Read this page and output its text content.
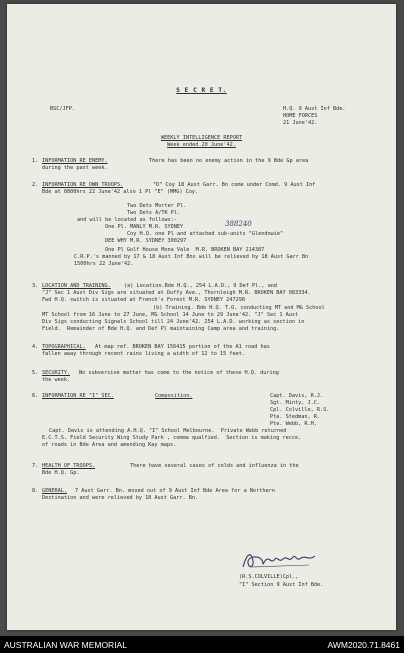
S E C R E T.
BSC/JFP.	H.Q. 9 Aust Inf Bde.
HOME FORCES
21 June'42.
WEEKLY INTELLIGENCE REPORT
Week ended 20 June'42.
1. INFORMATION RE ENEMY.	There has been no enemy action in the 9 Bde Gp area
during the past week.
2. INFORMATION RE OWN TROOPS.	"D" Coy 18 Aust Garr. Bn come under Comd. 9 Aust Inf
Bde at 0800hrs 22 June'42 also 1 Pl "E" (MMG) Coy.
Two Dets Morter Pl.
Two Dets A/TK Pl.
and will be located as follows:-
One Pl. MANLY M.R. SYDNEY	388240
Coy H.Q. one Pl and attached sub-units "Glendowie"
DEE WHY M.R. SYDNEY 300297
One Pl Golf House Mona Vale  M.R. BROKEN BAY 214387
C.R.P.'s manned by 17 & 18 Aust Inf Bns will be relieved by 18 Aust Garr Bn
1500hrs 22 June'42.
3. LOCATION AND TRAINING.	(a) Location.Bde H.Q., 254 L.A.D., 9 Def Pl., and
"J" Sec 1 Aust Div Sigs are situated at Duffy Ave., Thornleigh M.R. BROKEN BAY 083334.
Fwd H.Q. switch is situated at French's Forest M.R. SYDNEY 247298
(b) Training. Bde H.Q. T.O. conducting MT and MG School
MT School from 16 June to 27 June, MG School 14 June to 29 June'42. "J" Sec 1 Aust
Div Sigs conducting Signals School till 24 June'42. 254 L.A.D. working as section in
Field.  Remainder of Bde H.Q. and Def Pl maintaining Camp area and training.
4. TOPOGRAPHICAL. At map ref. BROKEN BAY 156415 portion of the A1 road has
fallen away through recent rains living a width of 12 to 15 feet.
5. SECURITY. No subversive matter has come to the notice of these H.Q. during
the week.
6. INFORMATION RE "I" SEC.	Composition.	Capt. Davis, R.J.
Sgt. Minty, J.C.
Cpl. Colville, R.S.
Pte. Stedman, R.
Pte. Webb, R.H.
Capt. Davis is attending A.H.Q. "I" School Melbourne.  Private Webb returned
E.C.T.S. Field Security Wing Study Park , comma qualfied.  Section is making recce.
of roads in Bde Area and amending Kay maps.
7. HEALTH OF TROOPS.	There have several cases of colds and influenza in the
Bde H.Q. Gp.
8. GENERAL. 7 Aust Garr. Bn. moved out of 9 Aust Inf Bde Area for a Northern
Destination and were relieved by 18 Aust Garr. Bn.
(R.S.COLVILLE)Cpl.,
"I" Section 9 Aust Inf Bde.
AUSTRALIAN WAR MEMORIAL	AWM2020.71.8461
